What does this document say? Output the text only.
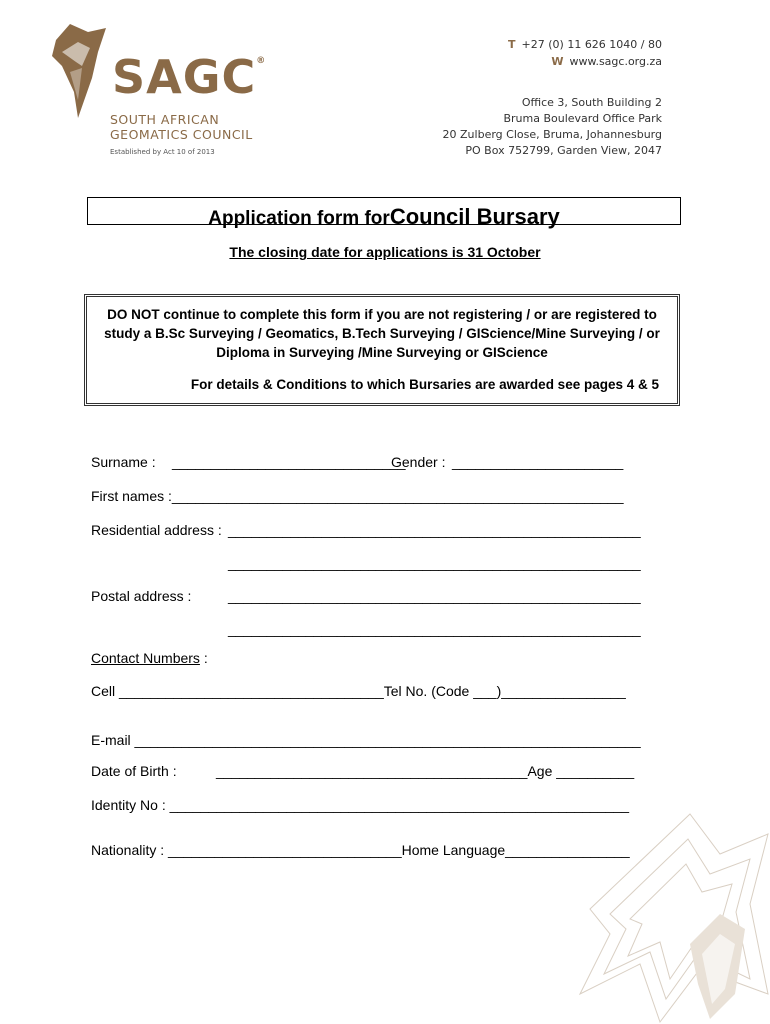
SAGC®
SOUTH AFRICAN
GEOMATICS COUNCIL
Established by Act 10 of 2013
T +27 (0) 11 626 1040 / 80
W www.sagc.org.za
Office 3, South Building 2
Bruma Boulevard Office Park
20 Zulberg Close, Bruma, Johannesburg
PO Box 752799, Garden View, 2047
Application form forCouncil Bursary
The closing date for applications is 31 October
DO NOT continue to complete this form if you are not registering / or are registered to
study a B.Sc Surveying / Geomatics, B.Tech Surveying / GIScience/Mine Surveying / or
Diploma in Surveying /Mine Surveying or GIScience
For details & Conditions to which Bursaries are awarded see pages 4 & 5
Surname : ______________________________
Gender : ______________________
First names :__________________________________________________________
Residential address : _____________________________________________________
_____________________________________________________
Postal address :	_____________________________________________________
_____________________________________________________
Contact Numbers :
Cell __________________________________Tel No. (Code ___)________________
E-mail _________________________________________________________________
Date of Birth :	________________________________________Age __________
Identity No : ___________________________________________________________
Nationality : ______________________________Home Language________________
